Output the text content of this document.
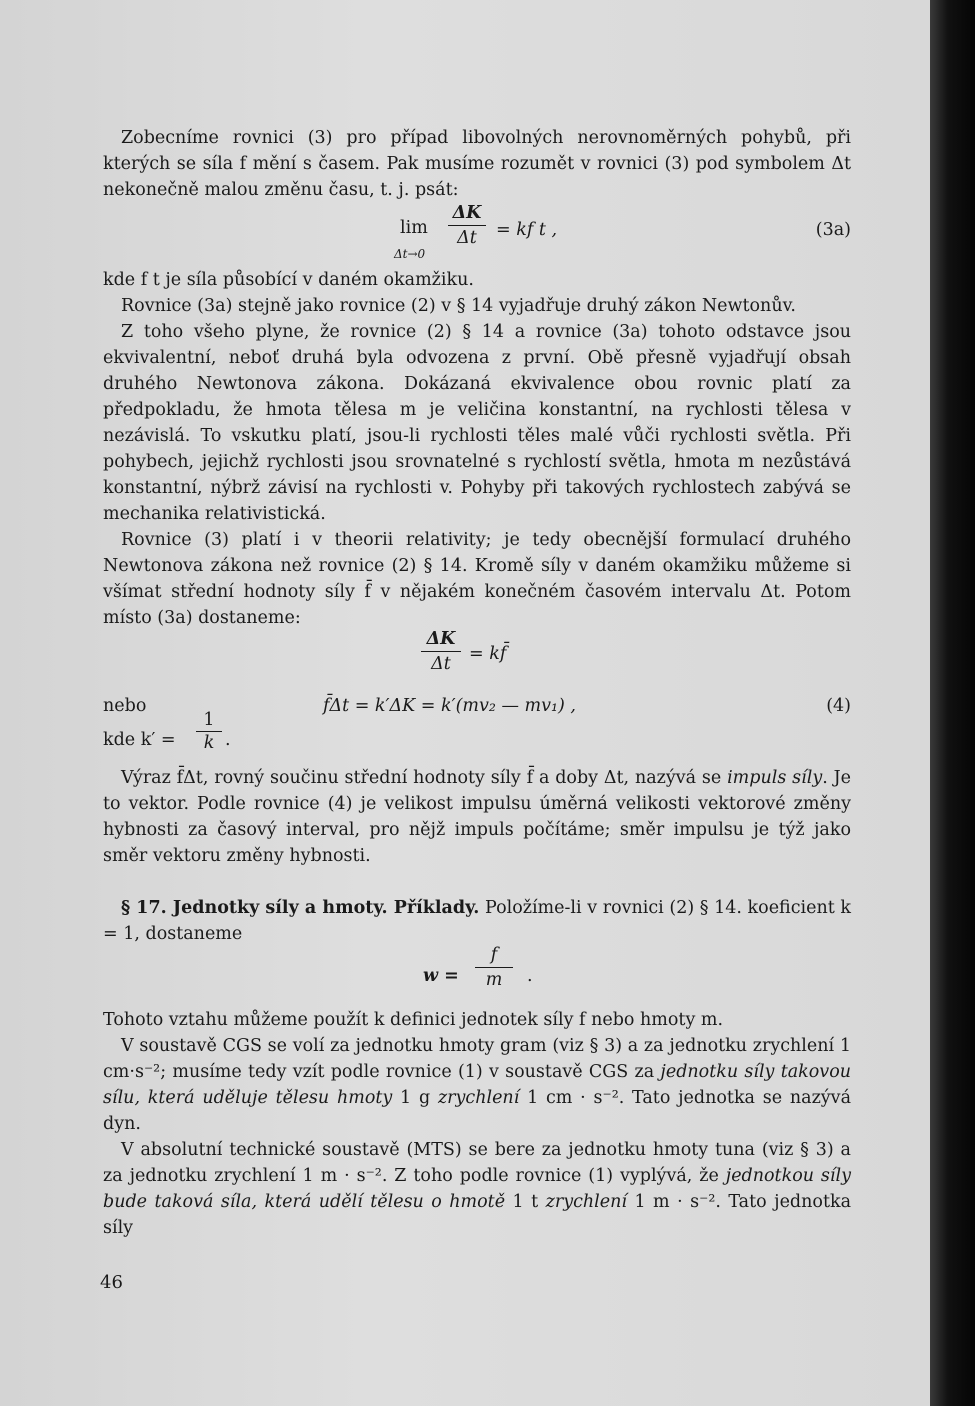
Zobecníme rovnici (3) pro případ libovolných nerovnoměrných pohybů, při kterých se síla f mění s časem. Pak musíme rozumět v rovnici (3) pod symbolem Δt nekonečně malou změnu času, t. j. psát:

lim
Δt→0
ΔK
Δt	= kf t ,	(3a)

kde f t je síla působící v daném okamžiku.

Rovnice (3a) stejně jako rovnice (2) v § 14 vyjadřuje druhý zákon Newtonův.

Z toho všeho plyne, že rovnice (2) § 14 a rovnice (3a) tohoto odstavce jsou ekvivalentní, neboť druhá byla odvozena z první. Obě přesně vyjadřují obsah druhého Newtonova zákona. Dokázaná ekvivalence obou rovnic platí za předpokladu, že hmota tělesa m je veličina konstantní, na rychlosti tělesa v nezávislá. To vskutku platí, jsou-li rychlosti těles malé vůči rychlosti světla. Při pohybech, jejichž rychlosti jsou srovnatelné s rychlostí světla, hmota m nezůstává konstantní, nýbrž závisí na rychlosti v. Pohyby při takových rychlostech zabývá se mechanika relativistická.

Rovnice (3) platí i v theorii relativity; je tedy obecnější formulací druhého Newtonova zákona než rovnice (2) § 14. Kromě síly v daném okamžiku můžeme si všímat střední hodnoty síly f̄ v nějakém konečném časovém intervalu Δt. Potom místo (3a) dostaneme:

ΔK
Δt	= kf̄
nebo	f̄Δt = k′ΔK = k′(mv₂ — mv₁) ,	(4)
kde k′ =
1
k .

Výraz f̄Δt, rovný součinu střední hodnoty síly f̄ a doby Δt, nazývá se impuls síly. Je to vektor. Podle rovnice (4) je velikost impulsu úměrná velikosti vektorové změny hybnosti za časový interval, pro nějž impuls počítáme; směr impulsu je týž jako směr vektoru změny hybnosti.

§ 17. Jednotky síly a hmoty. Příklady. Položíme-li v rovnici (2) § 14. koeficient k = 1, dostaneme

w =
f
m	.

Tohoto vztahu můžeme použít k definici jednotek síly f nebo hmoty m.

V soustavě CGS se volí za jednotku hmoty gram (viz § 3) a za jednotku zrychlení 1 cm·s⁻²; musíme tedy vzít podle rovnice (1) v soustavě CGS za jednotku síly takovou sílu, která uděluje tělesu hmoty 1 g zrychlení 1 cm · s⁻². Tato jednotka se nazývá dyn.

V absolutní technické soustavě (MTS) se bere za jednotku hmoty tuna (viz § 3) a za jednotku zrychlení 1 m · s⁻². Z toho podle rovnice (1) vyplývá, že jednotkou síly bude taková síla, která udělí tělesu o hmotě 1 t zrychlení 1 m · s⁻². Tato jednotka síly

46
